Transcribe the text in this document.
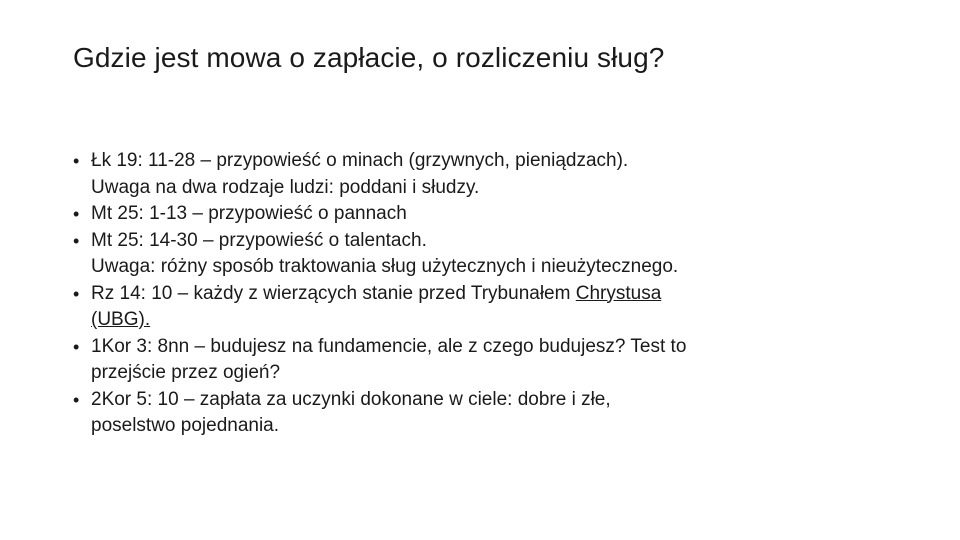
Gdzie jest mowa o zapłacie, o rozliczeniu sług?
• Łk 19: 11-28 – przypowieść o minach (grzywnych, pieniądzach).
Uwaga na dwa rodzaje ludzi: poddani i słudzy.
• Mt 25: 1-13 – przypowieść o pannach
• Mt 25: 14-30 – przypowieść o talentach.
Uwaga: różny sposób traktowania sług użytecznych i nieużytecznego.
• Rz 14: 10 – każdy z wierzących stanie przed Trybunałem Chrystusa
(UBG).
• 1Kor 3: 8nn – budujesz na fundamencie, ale z czego budujesz? Test to
przejście przez ogień?
• 2Kor 5: 10 – zapłata za uczynki dokonane w ciele: dobre i złe,
poselstwo pojednania.
